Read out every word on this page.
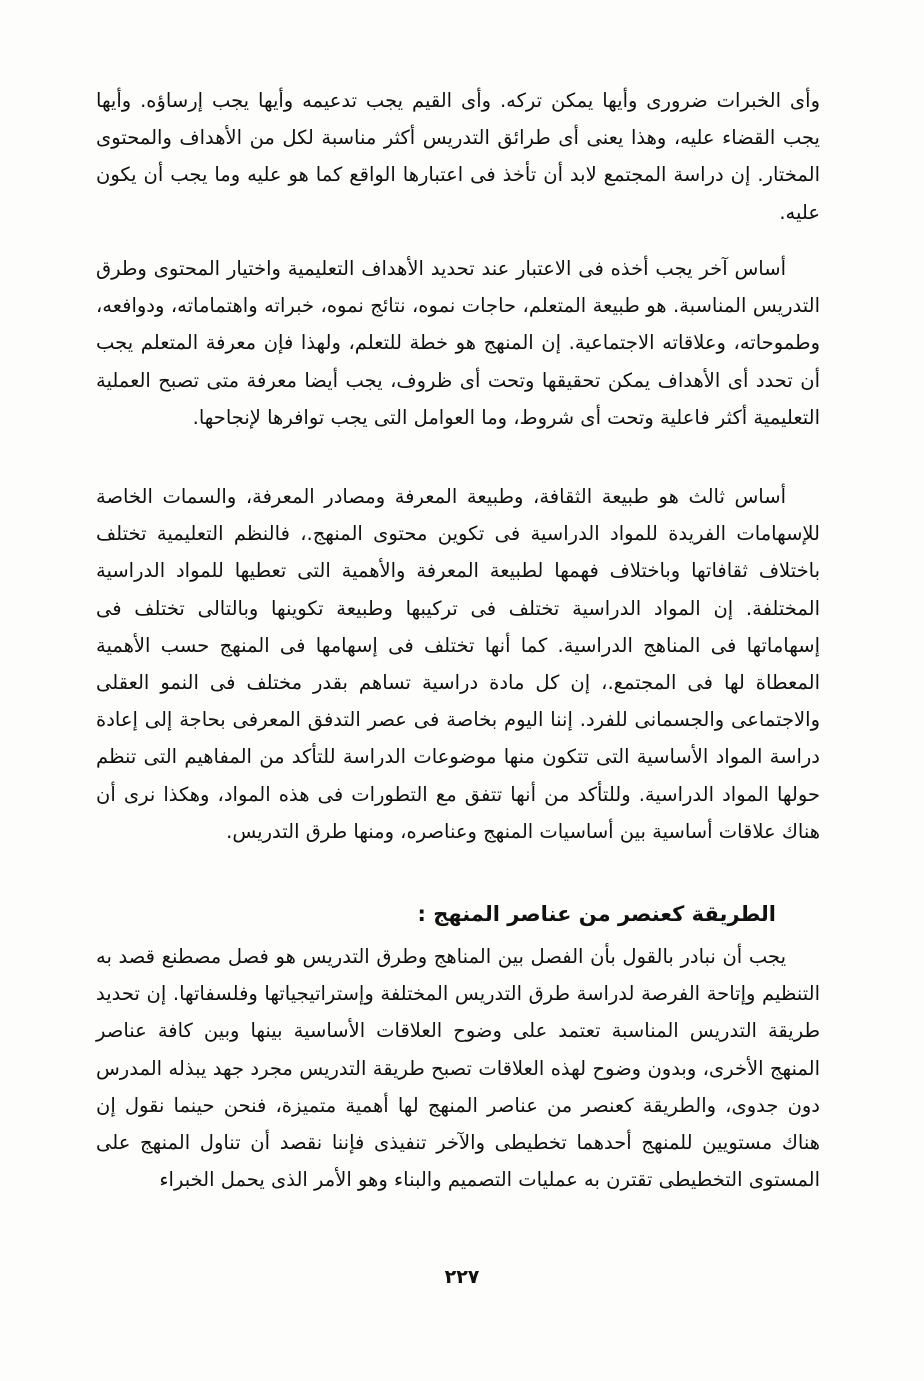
وأى الخبرات ضرورى وأيها يمكن تركه. وأى القيم يجب تدعيمه وأيها يجب إرساؤه. وأيها يجب القضاء عليه، وهذا يعنى أى طرائق التدريس أكثر مناسبة لكل من الأهداف والمحتوى المختار. إن دراسة المجتمع لابد أن تأخذ فى اعتبارها الواقع كما هو عليه وما يجب أن يكون عليه.

أساس آخر يجب أخذه فى الاعتبار عند تحديد الأهداف التعليمية واختيار المحتوى وطرق التدريس المناسبة. هو طبيعة المتعلم، حاجات نموه، نتائج نموه، خبراته واهتماماته، ودوافعه، وطموحاته، وعلاقاته الاجتماعية. إن المنهج هو خطة للتعلم، ولهذا فإن معرفة المتعلم يجب أن تحدد أى الأهداف يمكن تحقيقها وتحت أى ظروف، يجب أيضا معرفة متى تصبح العملية التعليمية أكثر فاعلية وتحت أى شروط، وما العوامل التى يجب توافرها لإنجاحها.

أساس ثالث هو طبيعة الثقافة، وطبيعة المعرفة ومصادر المعرفة، والسمات الخاصة للإسهامات الفريدة للمواد الدراسية فى تكوين محتوى المنهج.، فالنظم التعليمية تختلف باختلاف ثقافاتها وباختلاف فهمها لطبيعة المعرفة والأهمية التى تعطيها للمواد الدراسية المختلفة. إن المواد الدراسية تختلف فى تركيبها وطبيعة تكوينها وبالتالى تختلف فى إسهاماتها فى المناهج الدراسية. كما أنها تختلف فى إسهامها فى المنهج حسب الأهمية المعطاة لها فى المجتمع.، إن كل مادة دراسية تساهم بقدر مختلف فى النمو العقلى والاجتماعى والجسمانى للفرد. إننا اليوم بخاصة فى عصر التدفق المعرفى بحاجة إلى إعادة دراسة المواد الأساسية التى تتكون منها موضوعات الدراسة للتأكد من المفاهيم التى تنظم حولها المواد الدراسية. وللتأكد من أنها تتفق مع التطورات فى هذه المواد، وهكذا نرى أن هناك علاقات أساسية بين أساسيات المنهج وعناصره، ومنها طرق التدريس.

الطريقة كعنصر من عناصر المنهج :

يجب أن نبادر بالقول بأن الفصل بين المناهج وطرق التدريس هو فصل مصطنع قصد به التنظيم وإتاحة الفرصة لدراسة طرق التدريس المختلفة وإستراتيجياتها وفلسفاتها. إن تحديد طريقة التدريس المناسبة تعتمد على وضوح العلاقات الأساسية بينها وبين كافة عناصر المنهج الأخرى، وبدون وضوح لهذه العلاقات تصبح طريقة التدريس مجرد جهد يبذله المدرس دون جدوى، والطريقة كعنصر من عناصر المنهج لها أهمية متميزة، فنحن حينما نقول إن هناك مستويين للمنهج أحدهما تخطيطى والآخر تنفيذى فإننا نقصد أن تناول المنهج على المستوى التخطيطى تقترن به عمليات التصميم والبناء وهو الأمر الذى يحمل الخبراء

٢٢٧
